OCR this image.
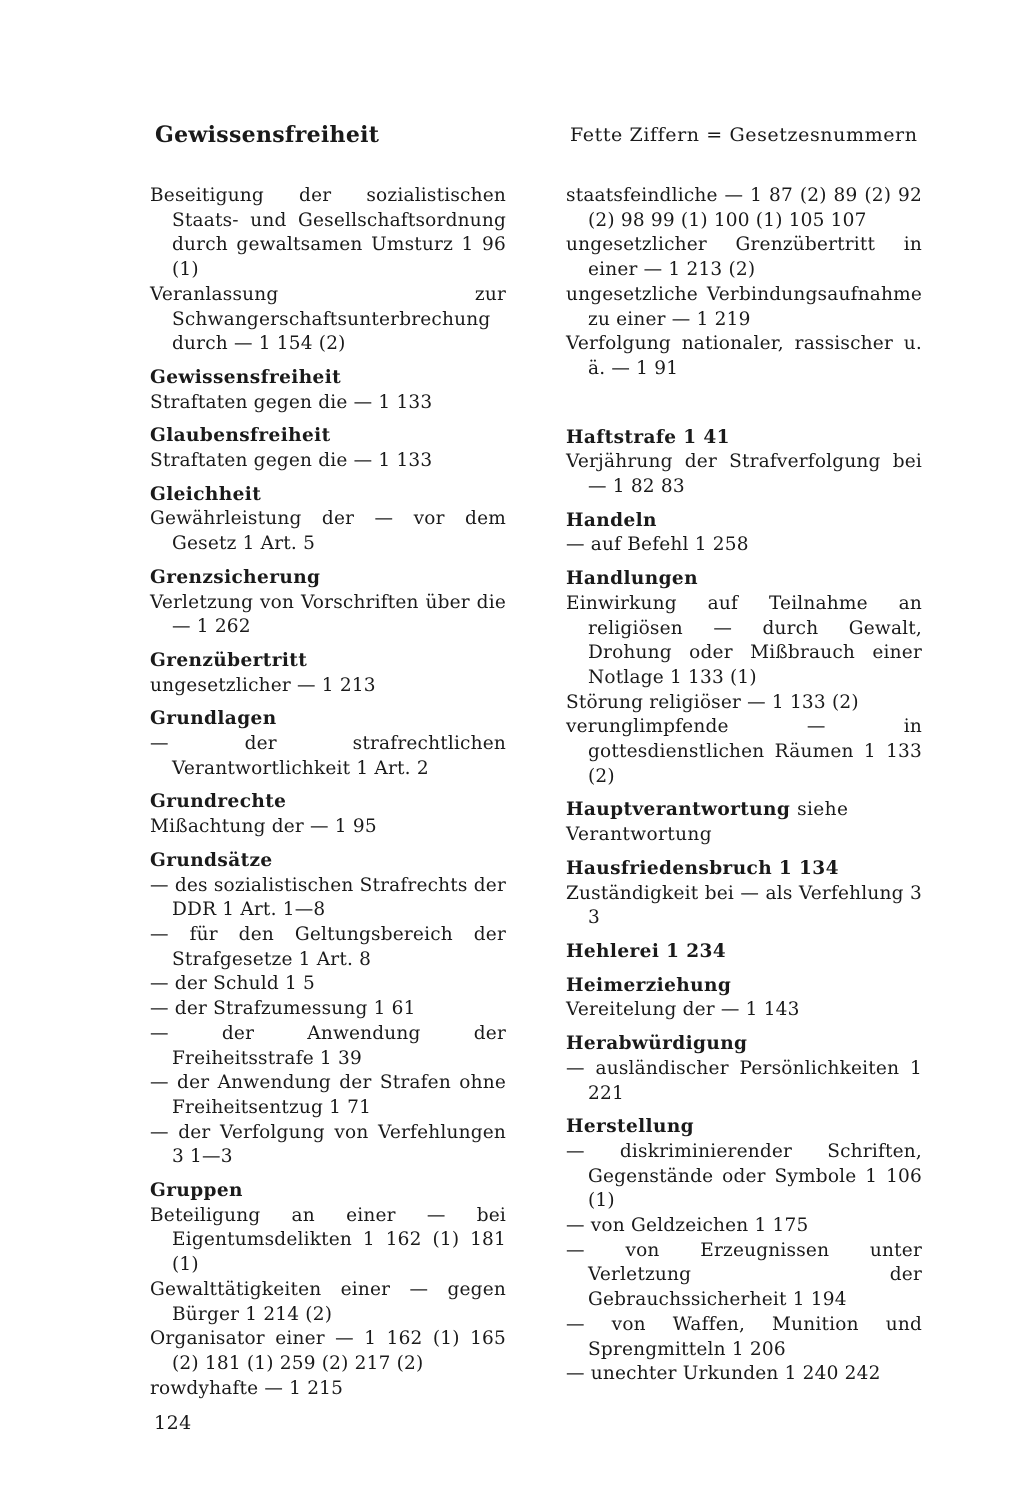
Gewissensfreiheit	Fette Ziffern = Gesetzesnummern
Beseitigung der sozialistischen Staats- und Gesellschaftsordnung durch gewaltsamen Umsturz 1 96 (1)
Veranlassung zur Schwangerschaftsunterbrechung durch — 1 154 (2)
Gewissensfreiheit
Straftaten gegen die — 1 133
Glaubensfreiheit
Straftaten gegen die — 1 133
Gleichheit
Gewährleistung der — vor dem Gesetz 1 Art. 5
Grenzsicherung
Verletzung von Vorschriften über die — 1 262
Grenzübertritt
ungesetzlicher — 1 213
Grundlagen
— der strafrechtlichen Verantwortlichkeit 1 Art. 2
Grundrechte
Mißachtung der — 1 95
Grundsätze
— des sozialistischen Strafrechts der DDR 1 Art. 1—8
— für den Geltungsbereich der Strafgesetze 1 Art. 8
— der Schuld 1 5
— der Strafzumessung 1 61
— der Anwendung der Freiheitsstrafe 1 39
— der Anwendung der Strafen ohne Freiheitsentzug 1 71
— der Verfolgung von Verfehlungen 3 1—3
Gruppen
Beteiligung an einer — bei Eigentumsdelikten 1 162 (1) 181 (1)
Gewalttätigkeiten einer — gegen Bürger 1 214 (2)
Organisator einer — 1 162 (1) 165 (2) 181 (1) 259 (2) 217 (2)
rowdyhafte — 1 215
staatsfeindliche — 1 87 (2) 89 (2) 92 (2) 98 99 (1) 100 (1) 105 107
ungesetzlicher Grenzübertritt in einer — 1 213 (2)
ungesetzliche Verbindungsaufnahme zu einer — 1 219
Verfolgung nationaler, rassischer u. ä. — 1 91
Haftstrafe 1 41
Verjährung der Strafverfolgung bei — 1 82 83
Handeln
— auf Befehl 1 258
Handlungen
Einwirkung auf Teilnahme an religiösen — durch Gewalt, Drohung oder Mißbrauch einer Notlage 1 133 (1)
Störung religiöser — 1 133 (2)
verunglimpfende — in gottesdienstlichen Räumen 1 133 (2)
Hauptverantwortung siehe Verantwortung
Hausfriedensbruch 1 134
Zuständigkeit bei — als Verfehlung 3 3
Hehlerei 1 234
Heimerziehung
Vereitelung der — 1 143
Herabwürdigung
— ausländischer Persönlichkeiten 1 221
Herstellung
— diskriminierender Schriften, Gegenstände oder Symbole 1 106 (1)
— von Geldzeichen 1 175
— von Erzeugnissen unter Verletzung der Gebrauchssicherheit 1 194
— von Waffen, Munition und Sprengmitteln 1 206
— unechter Urkunden 1 240 242
124
